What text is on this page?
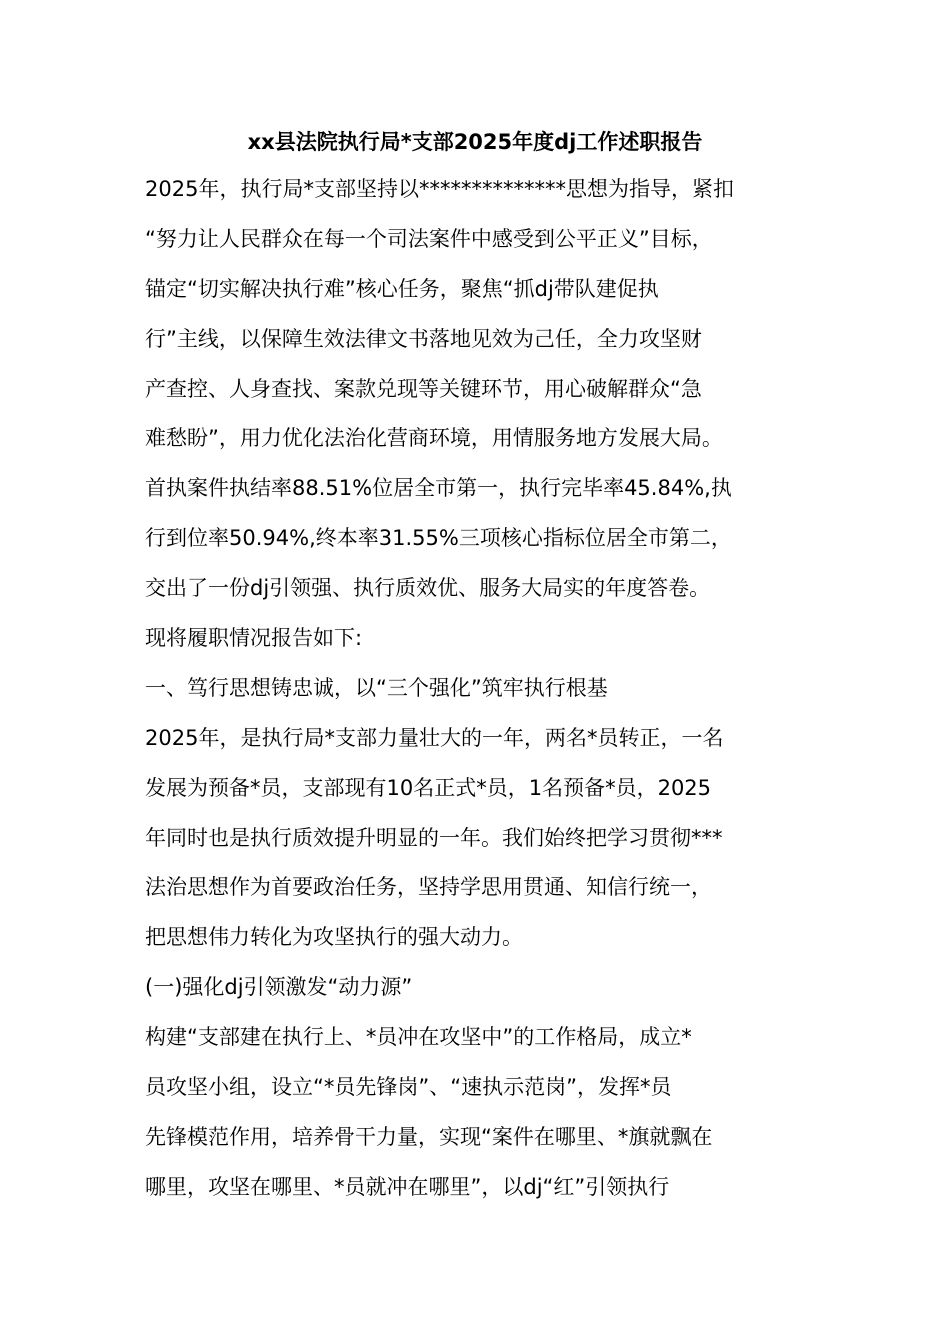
xx县法院执行局*支部2025年度dj工作述职报告
2025年，执行局*支部坚持以**************思想为指导，紧扣
“努力让人民群众在每一个司法案件中感受到公平正义”目标，
锚定“切实解决执行难”核心任务，聚焦“抓dj带队建促执
行”主线，以保障生效法律文书落地见效为己任，全力攻坚财
产查控、人身查找、案款兑现等关键环节，用心破解群众“急
难愁盼”，用力优化法治化营商环境，用情服务地方发展大局。
首执案件执结率88.51%位居全市第一，执行完毕率45.84%,执
行到位率50.94%,终本率31.55%三项核心指标位居全市第二，
交出了一份dj引领强、执行质效优、服务大局实的年度答卷。
现将履职情况报告如下:
一、笃行思想铸忠诚，以“三个强化”筑牢执行根基
2025年，是执行局*支部力量壮大的一年，两名*员转正，一名
发展为预备*员，支部现有10名正式*员，1名预备*员，2025
年同时也是执行质效提升明显的一年。我们始终把学习贯彻***
法治思想作为首要政治任务，坚持学思用贯通、知信行统一，
把思想伟力转化为攻坚执行的强大动力。
(一)强化dj引领激发“动力源”
构建“支部建在执行上、*员冲在攻坚中”的工作格局，成立*
员攻坚小组，设立“*员先锋岗”、“速执示范岗”，发挥*员
先锋模范作用，培养骨干力量，实现“案件在哪里、*旗就飘在
哪里，攻坚在哪里、*员就冲在哪里”，以dj“红”引领执行
